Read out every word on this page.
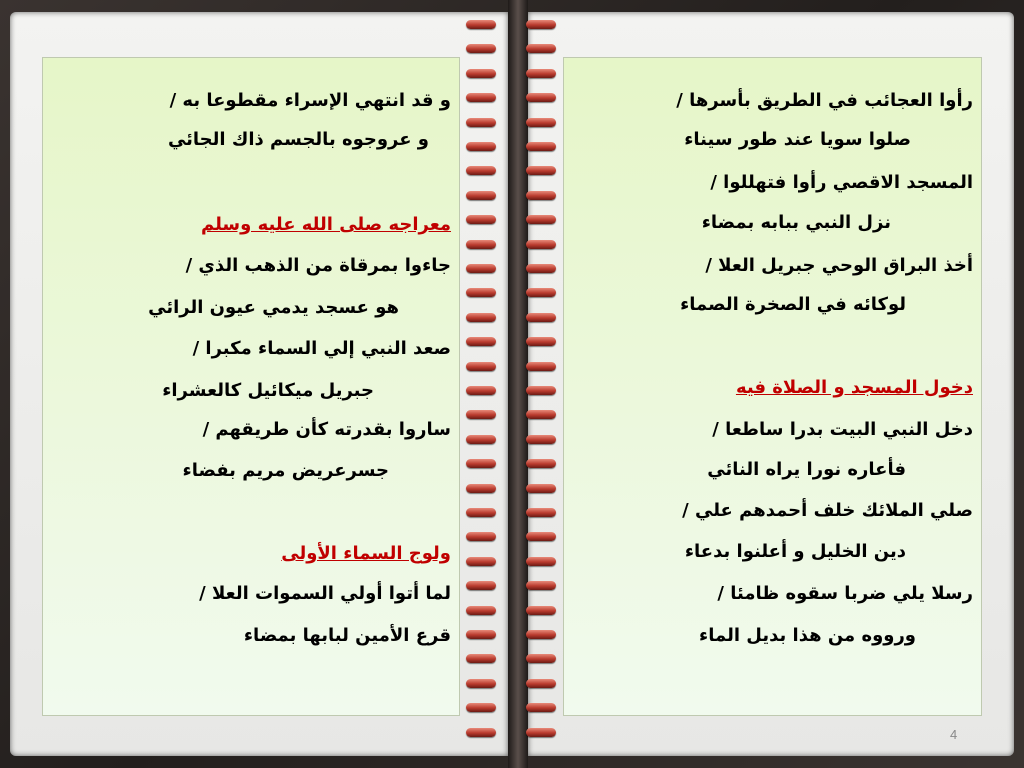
و قد انتهي الإسراء مقطوعا به /
و عروجوه بالجسم ذاك الجائي
معراجه صلى الله عليه وسلم
جاءوا بمرقاة من الذهب الذي /
هو عسجد يدمي عيون الرائي
صعد النبي إلي السماء مكبرا /
جبريل ميكائيل كالعشراء
ساروا بقدرته كأن طريقهم /
جسرعريض مريم بفضاء
ولوج السماء الأولى
لما أتوا أولي السموات العلا /
قرع الأمين لبابها بمضاء
رأوا العجائب في الطريق بأسرها /
صلوا سويا عند طور سيناء
المسجد الاقصي رأوا فتهللوا /
نزل النبي ببابه بمضاء
أخذ البراق الوحي جبريل العلا /
لوكائه في الصخرة الصماء
دخول المسجد و الصلاة فيه
دخل النبي البيت بدرا ساطعا /
فأعاره نورا يراه النائي
صلي الملائك خلف أحمدهم علي /
دين الخليل و أعلنوا بدعاء
رسلا يلي ضربا سقوه ظامئا /
ورووه من هذا بديل الماء
4
